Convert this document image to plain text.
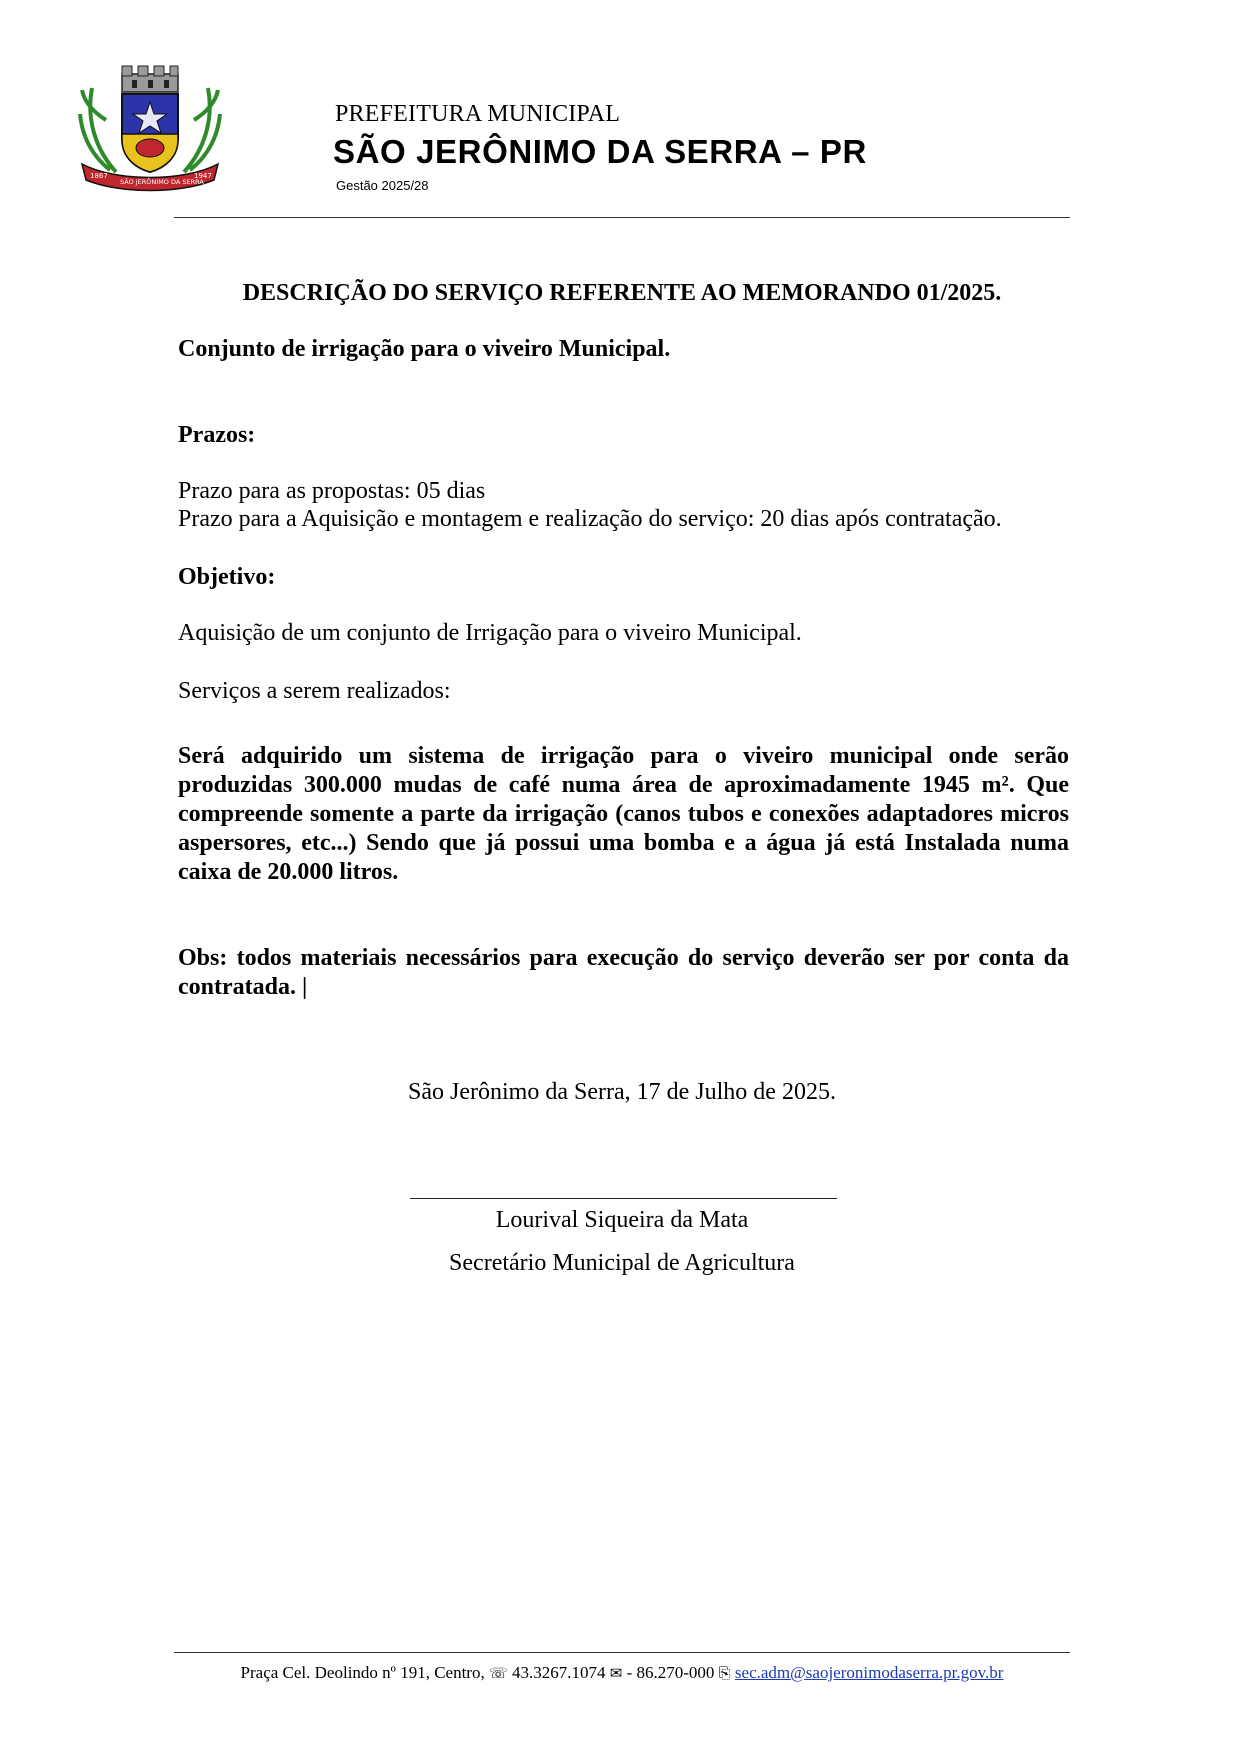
1867
SÃO JERÔNIMO DA SERRA
1947
PREFEITURA MUNICIPAL
SÃO JERÔNIMO DA SERRA – PR
Gestão 2025/28
DESCRIÇÃO DO SERVIÇO REFERENTE AO MEMORANDO 01/2025.
Conjunto de irrigação para o viveiro Municipal.
Prazos:
Prazo para as propostas: 05 dias
Prazo para a Aquisição e montagem e realização do serviço: 20 dias após contratação.
Objetivo:
Aquisição de um conjunto de Irrigação para o viveiro Municipal.
Serviços a serem realizados:
Será adquirido um sistema de irrigação para o viveiro municipal onde serão produzidas 300.000 mudas de café numa área de aproximadamente 1945 m². Que compreende somente a parte da irrigação (canos tubos e conexões adaptadores micros aspersores, etc...) Sendo que já possui uma bomba e a água já está Instalada numa caixa de 20.000 litros.
Obs: todos materiais necessários para execução do serviço deverão ser por conta da contratada. |
São Jerônimo da Serra, 17 de Julho de 2025.
Lourival Siqueira da Mata
Secretário Municipal de Agricultura
Praça Cel. Deolindo nº 191, Centro, ☏ 43.3267.1074 ✉ - 86.270-000 ⎘ sec.adm@saojeronimodaserra.pr.gov.br
